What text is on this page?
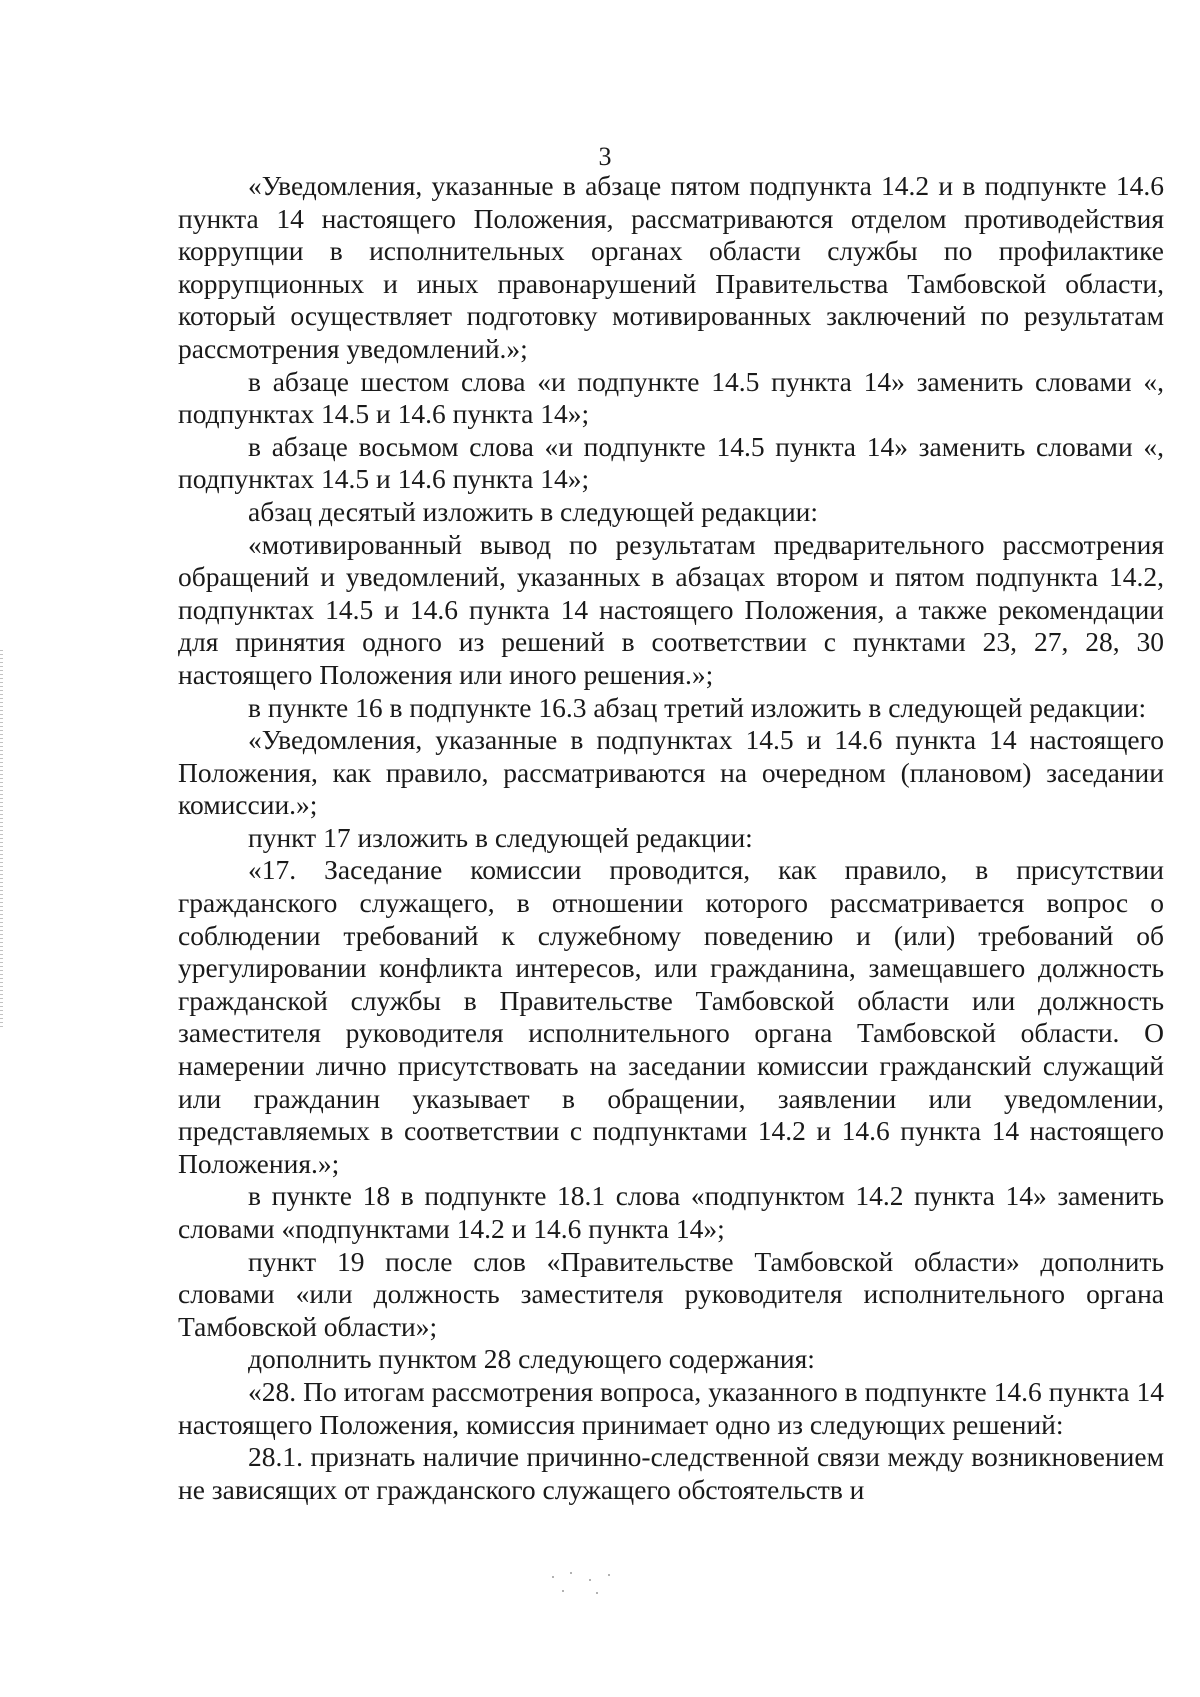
3

«Уведомления, указанные в абзаце пятом подпункта 14.2 и в подпункте 14.6 пункта 14 настоящего Положения, рассматриваются отделом противодействия коррупции в исполнительных органах области службы по профилактике коррупционных и иных правонарушений Правительства Тамбовской области, который осуществляет подготовку мотивированных заключений по результатам рассмотрения уведомлений.»;

в абзаце шестом слова «и подпункте 14.5 пункта 14» заменить словами «, подпунктах 14.5 и 14.6 пункта 14»;

в абзаце восьмом слова «и подпункте 14.5 пункта 14» заменить словами «, подпунктах 14.5 и 14.6 пункта 14»;

абзац десятый изложить в следующей редакции:

«мотивированный вывод по результатам предварительного рассмотрения обращений и уведомлений, указанных в абзацах втором и пятом подпункта 14.2, подпунктах 14.5 и 14.6 пункта 14 настоящего Положения, а также рекомендации для принятия одного из решений в соответствии с пунктами 23, 27, 28, 30 настоящего Положения или иного решения.»;

в пункте 16 в подпункте 16.3 абзац третий изложить в следующей редакции:

«Уведомления, указанные в подпунктах 14.5 и 14.6 пункта 14 настоящего Положения, как правило, рассматриваются на очередном (плановом) заседании комиссии.»;

пункт 17 изложить в следующей редакции:

«17. Заседание комиссии проводится, как правило, в присутствии гражданского служащего, в отношении которого рассматривается вопрос о соблюдении требований к служебному поведению и (или) требований об урегулировании конфликта интересов, или гражданина, замещавшего должность гражданской службы в Правительстве Тамбовской области или должность заместителя руководителя исполнительного органа Тамбовской области. О намерении лично присутствовать на заседании комиссии гражданский служащий или гражданин указывает в обращении, заявлении или уведомлении, представляемых в соответствии с подпунктами 14.2 и 14.6 пункта 14 настоящего Положения.»;

в пункте 18 в подпункте 18.1 слова «подпунктом 14.2 пункта 14» заменить словами «подпунктами 14.2 и 14.6 пункта 14»;

пункт 19 после слов «Правительстве Тамбовской области» дополнить словами «или должность заместителя руководителя исполнительного органа Тамбовской области»;

дополнить пунктом 28 следующего содержания:

«28. По итогам рассмотрения вопроса, указанного в подпункте 14.6 пункта 14 настоящего Положения, комиссия принимает одно из следующих решений:

28.1. признать наличие причинно-следственной связи между возникновением не зависящих от гражданского служащего обстоятельств и
